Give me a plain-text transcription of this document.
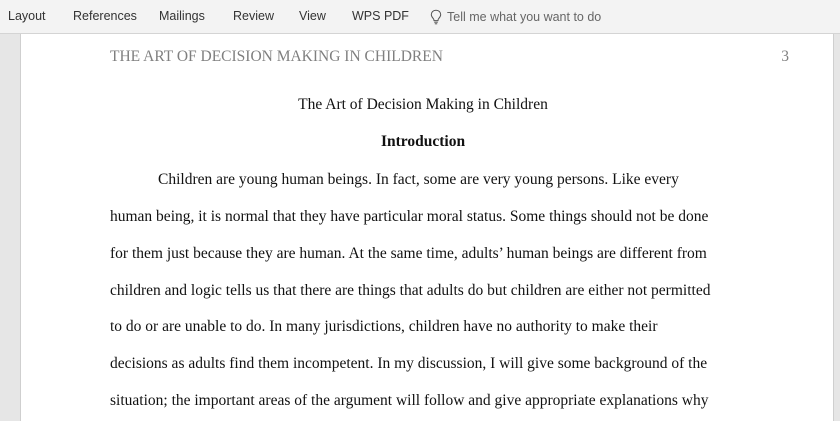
Layout References Mailings Review View WPS PDF	Tell me what you want to do
THE ART OF DECISION MAKING IN CHILDREN	3
The Art of Decision Making in Children
Introduction
Children are young human beings. In fact, some are very young persons. Like every
human being, it is normal that they have particular moral status. Some things should not be done
for them just because they are human. At the same time, adults’ human beings are different from
children and logic tells us that there are things that adults do but children are either not permitted
to do or are unable to do. In many jurisdictions, children have no authority to make their
decisions as adults find them incompetent. In my discussion, I will give some background of the
situation; the important areas of the argument will follow and give appropriate explanations why
